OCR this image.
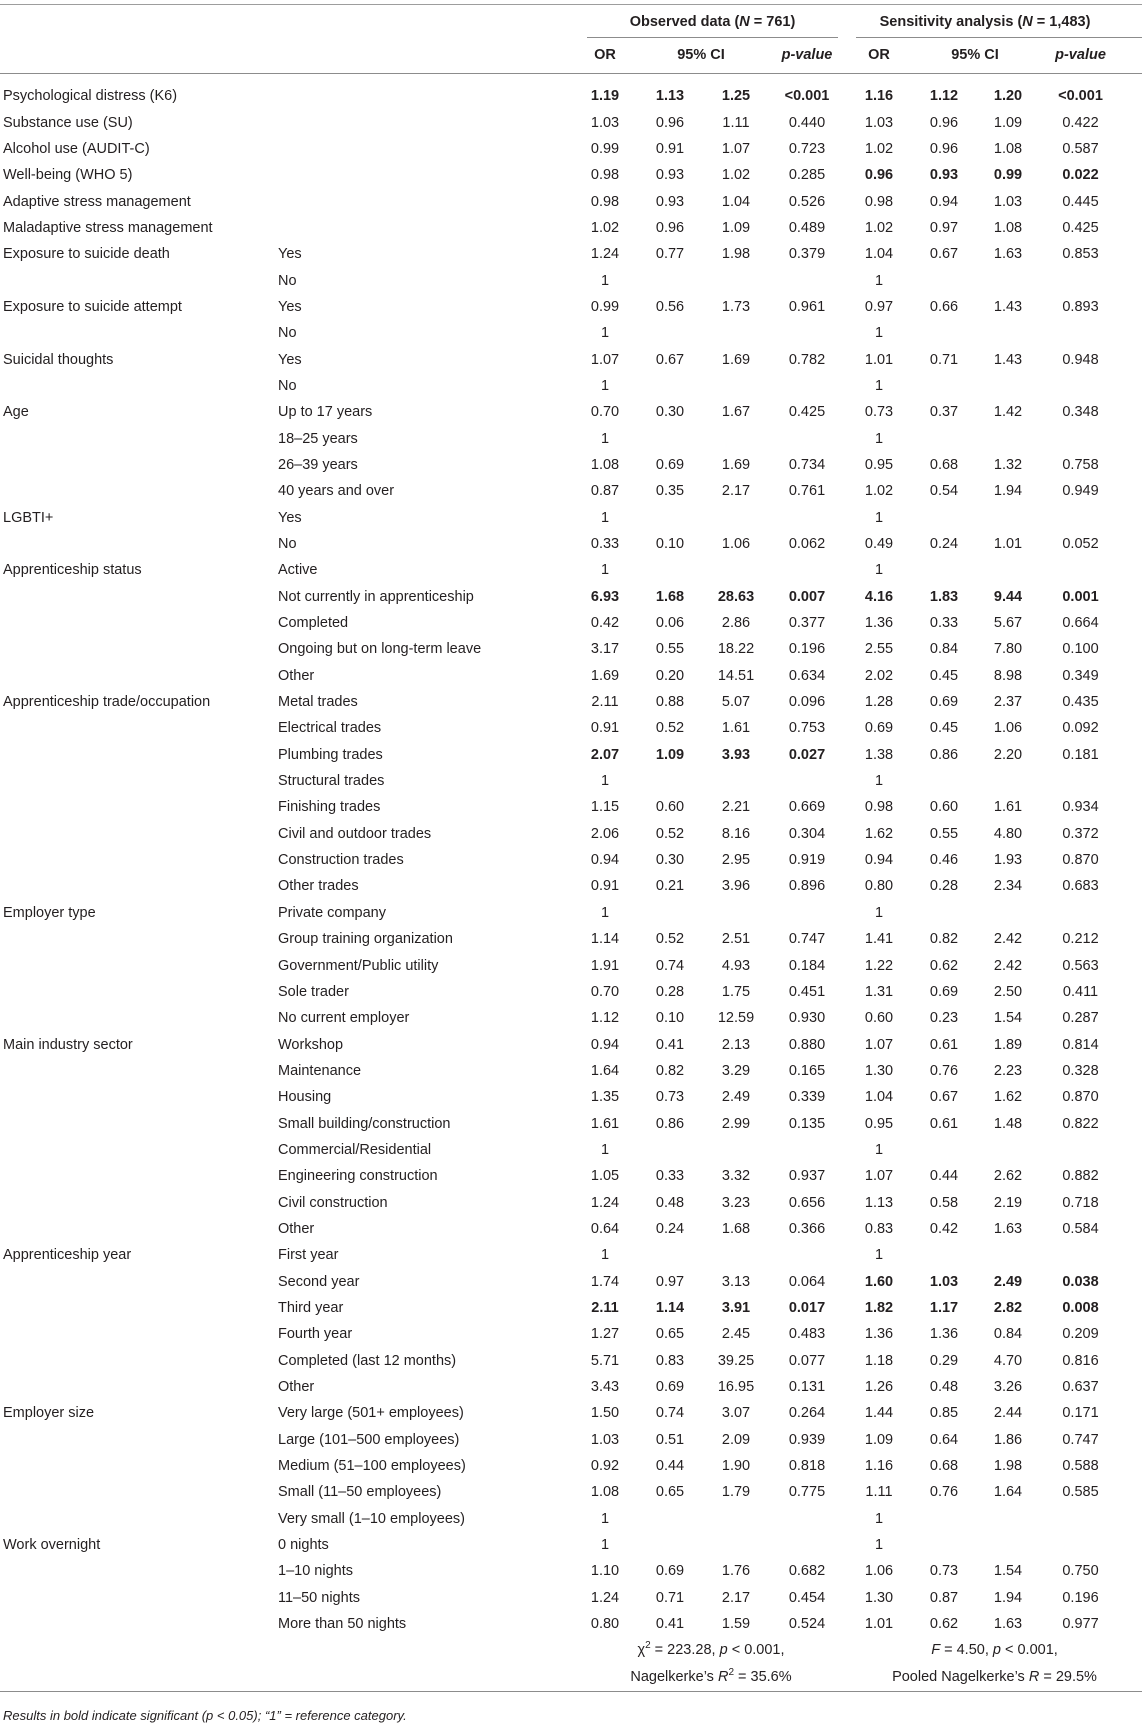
		Observed data (N = 761)				Sensitivity analysis (N = 1,483)			

		OR	95% CI		p-value	OR	95% CI		p-value

Psychological distress (K6)		1.19	1.13	1.25	<0.001	1.16	1.12	1.20	<0.001
Substance use (SU)		1.03	0.96	1.11	0.440	1.03	0.96	1.09	0.422
Alcohol use (AUDIT-C)		0.99	0.91	1.07	0.723	1.02	0.96	1.08	0.587
Well-being (WHO 5)		0.98	0.93	1.02	0.285	0.96	0.93	0.99	0.022
Adaptive stress management		0.98	0.93	1.04	0.526	0.98	0.94	1.03	0.445
Maladaptive stress management		1.02	0.96	1.09	0.489	1.02	0.97	1.08	0.425
Exposure to suicide death	Yes	1.24	0.77	1.98	0.379	1.04	0.67	1.63	0.853
	No	1				1			
Exposure to suicide attempt	Yes	0.99	0.56	1.73	0.961	0.97	0.66	1.43	0.893
	No	1				1			
Suicidal thoughts	Yes	1.07	0.67	1.69	0.782	1.01	0.71	1.43	0.948
	No	1				1			
Age	Up to 17 years	0.70	0.30	1.67	0.425	0.73	0.37	1.42	0.348
	18–25 years	1				1			
	26–39 years	1.08	0.69	1.69	0.734	0.95	0.68	1.32	0.758
	40 years and over	0.87	0.35	2.17	0.761	1.02	0.54	1.94	0.949
LGBTI+	Yes	1				1			
	No	0.33	0.10	1.06	0.062	0.49	0.24	1.01	0.052
Apprenticeship status	Active	1				1			
	Not currently in apprenticeship	6.93	1.68	28.63	0.007	4.16	1.83	9.44	0.001
	Completed	0.42	0.06	2.86	0.377	1.36	0.33	5.67	0.664
	Ongoing but on long-term leave	3.17	0.55	18.22	0.196	2.55	0.84	7.80	0.100
	Other	1.69	0.20	14.51	0.634	2.02	0.45	8.98	0.349
Apprenticeship trade/occupation	Metal trades	2.11	0.88	5.07	0.096	1.28	0.69	2.37	0.435
	Electrical trades	0.91	0.52	1.61	0.753	0.69	0.45	1.06	0.092
	Plumbing trades	2.07	1.09	3.93	0.027	1.38	0.86	2.20	0.181
	Structural trades	1				1			
	Finishing trades	1.15	0.60	2.21	0.669	0.98	0.60	1.61	0.934
	Civil and outdoor trades	2.06	0.52	8.16	0.304	1.62	0.55	4.80	0.372
	Construction trades	0.94	0.30	2.95	0.919	0.94	0.46	1.93	0.870
	Other trades	0.91	0.21	3.96	0.896	0.80	0.28	2.34	0.683
Employer type	Private company	1				1			
	Group training organization	1.14	0.52	2.51	0.747	1.41	0.82	2.42	0.212
	Government/Public utility	1.91	0.74	4.93	0.184	1.22	0.62	2.42	0.563
	Sole trader	0.70	0.28	1.75	0.451	1.31	0.69	2.50	0.411
	No current employer	1.12	0.10	12.59	0.930	0.60	0.23	1.54	0.287
Main industry sector	Workshop	0.94	0.41	2.13	0.880	1.07	0.61	1.89	0.814
	Maintenance	1.64	0.82	3.29	0.165	1.30	0.76	2.23	0.328
	Housing	1.35	0.73	2.49	0.339	1.04	0.67	1.62	0.870
	Small building/construction	1.61	0.86	2.99	0.135	0.95	0.61	1.48	0.822
	Commercial/Residential	1				1			
	Engineering construction	1.05	0.33	3.32	0.937	1.07	0.44	2.62	0.882
	Civil construction	1.24	0.48	3.23	0.656	1.13	0.58	2.19	0.718
	Other	0.64	0.24	1.68	0.366	0.83	0.42	1.63	0.584
Apprenticeship year	First year	1				1			
	Second year	1.74	0.97	3.13	0.064	1.60	1.03	2.49	0.038
	Third year	2.11	1.14	3.91	0.017	1.82	1.17	2.82	0.008
	Fourth year	1.27	0.65	2.45	0.483	1.36	1.36	0.84	0.209
	Completed (last 12 months)	5.71	0.83	39.25	0.077	1.18	0.29	4.70	0.816
	Other	3.43	0.69	16.95	0.131	1.26	0.48	3.26	0.637
Employer size	Very large (501+ employees)	1.50	0.74	3.07	0.264	1.44	0.85	2.44	0.171
	Large (101–500 employees)	1.03	0.51	2.09	0.939	1.09	0.64	1.86	0.747
	Medium (51–100 employees)	0.92	0.44	1.90	0.818	1.16	0.68	1.98	0.588
	Small (11–50 employees)	1.08	0.65	1.79	0.775	1.11	0.76	1.64	0.585
	Very small (1–10 employees)	1				1			
Work overnight	0 nights	1				1			
	1–10 nights	1.10	0.69	1.76	0.682	1.06	0.73	1.54	0.750
	11–50 nights	1.24	0.71	2.17	0.454	1.30	0.87	1.94	0.196
	More than 50 nights	0.80	0.41	1.59	0.524	1.01	0.62	1.63	0.977
		$\chi^2 = 223.28$, p < 0.001,				F = 4.50, p < 0.001,			
		Nagelkerke’s $R^2 = 35.6\%$				Pooled Nagelkerke’s R = 29.5%			
Results in bold indicate significant (p < 0.05); “1” = reference category.
